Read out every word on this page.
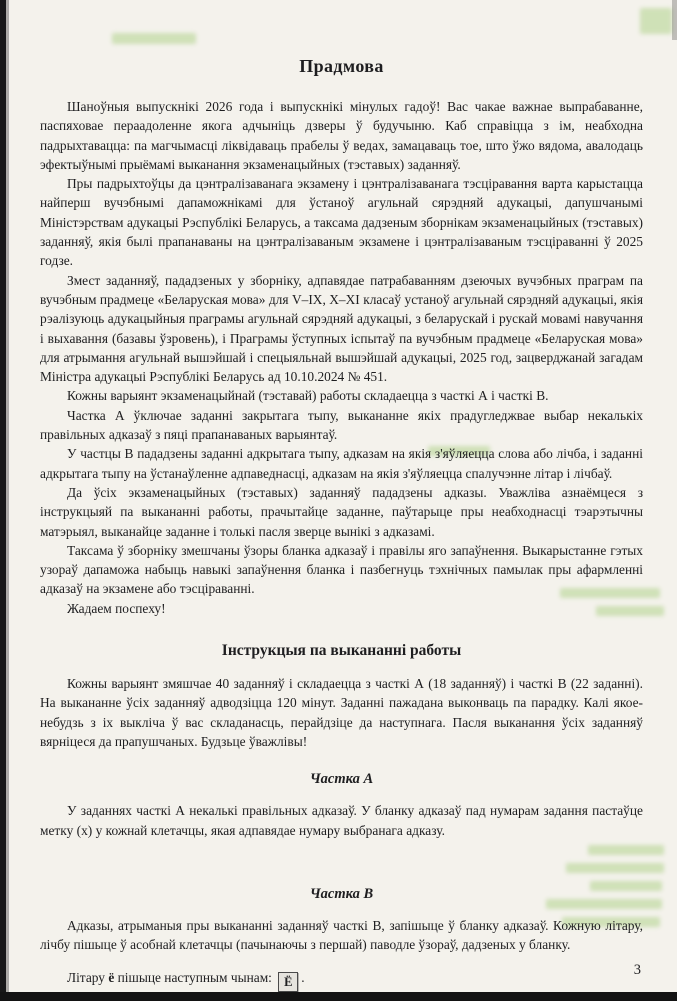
Прадмова

Шаноўныя выпускнікі 2026 года і выпускнікі мінулых гадоў! Вас чакае важнае выпрабаванне, паспяховае пераадоленне якога адчыніць дзверы ў будучыню. Каб справіцца з ім, неабходна падрыхтавацца: па магчымасці ліквідаваць прабелы ў ведах, замацаваць тое, што ўжо вядома, авалодаць эфектыўнымі прыёмамі выканання экзаменацыйных (тэставых) заданняў.

Пры падрыхтоўцы да цэнтралізаванага экзамену і цэнтралізаванага тэсціравання варта карыстацца найперш вучэбнымі дапаможнікамі для ўстаноў агульнай сярэдняй адукацыі, дапушчанымі Міністэрствам адукацыі Рэспублікі Беларусь, а таксама дадзеным зборнікам экзаменацыйных (тэставых) заданняў, якія былі прапанаваны на цэнтралізаваным экзамене і цэнтралізаваным тэсціраванні ў 2025 годзе.

Змест заданняў, пададзеных у зборніку, адпавядае патрабаванням дзеючых вучэбных праграм па вучэбным прадмеце «Беларуская мова» для V–IX, X–XI класаў устаноў агульнай сярэдняй адукацыі, якія рэалізуюць адукацыйныя праграмы агульнай сярэдняй адукацыі, з беларускай і рускай мовамі навучання і выхавання (базавы ўзровень), і Праграмы ўступных іспытаў па вучэбным прадмеце «Беларуская мова» для атрымання агульнай вышэйшай і спецыяльнай вышэйшай адукацыі, 2025 год, зацверджанай загадам Міністра адукацыі Рэспублікі Беларусь ад 10.10.2024 № 451.

Кожны варыянт экзаменацыйнай (тэставай) работы складаецца з часткі А і часткі В.

Частка А ўключае заданні закрытага тыпу, выкананне якіх прадугледжвае выбар некалькіх правільных адказаў з пяці прапанаваных варыянтаў.

У частцы В пададзены заданні адкрытага тыпу, адказам на якія з'яўляецца слова або лічба, і заданні адкрытага тыпу на ўстанаўленне адпаведнасці, адказам на якія з'яўляецца спалучэнне літар і лічбаў.

Да ўсіх экзаменацыйных (тэставых) заданняў пададзены адказы. Уважліва азнаёмцеся з інструкцыяй па выкананні работы, прачытайце заданне, паўтарыце пры неабходнасці тэарэтычны матэрыял, выканайце заданне і толькі пасля зверце вынікі з адказамі.

Таксама ў зборніку змешчаны ўзоры бланка адказаў і правілы яго запаўнення. Выкарыстанне гэтых узораў дапаможа набыць навыкі запаўнення бланка і пазбегнуць тэхнічных памылак пры афармленні адказаў на экзамене або тэсціраванні.

Жадаем поспеху!

Інструкцыя па выкананні работы

Кожны варыянт змяшчае 40 заданняў і складаецца з часткі А (18 заданняў) і часткі В (22 заданні). На выкананне ўсіх заданняў адводзіцца 120 мінут. Заданні пажадана выконваць па парадку. Калі якое-небудзь з іх выкліча ў вас складанасць, перайдзіце да наступнага. Пасля выканання ўсіх заданняў вярніцеся да прапушчаных. Будзьце ўважлівы!

Частка А

У заданнях часткі А некалькі правільных адказаў. У бланку адказаў пад нумарам задання пастаўце метку (х) у кожнай клетачцы, якая адпавядае нумару выбранага адказу.

Частка В

Адказы, атрыманыя пры выкананні заданняў часткі В, запішыце ў бланку адказаў. Кожную літару, лічбу пішыце ў асобнай клетачцы (пачынаючы з першай) паводле ўзораў, дадзеных у бланку.

Літару ё пішыце наступным чынам: Ё .	3
